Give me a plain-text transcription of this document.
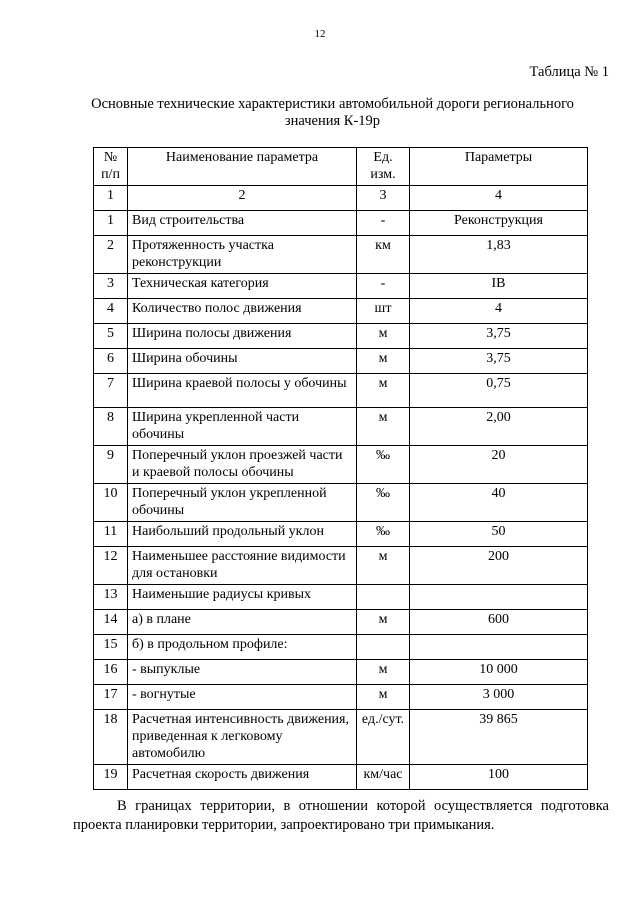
12
Таблица № 1
Основные технические характеристики автомобильной дороги регионального значения К-19р
№ п/п	Наименование параметра	Ед. изм.	Параметры
1	2	3	4
1	Вид строительства	-	Реконструкция
2	Протяженность участка реконструкции	км	1,83
3	Техническая категория	-	IВ
4	Количество полос движения	шт	4
5	Ширина полосы движения	м	3,75
6	Ширина обочины	м	3,75
7	Ширина краевой полосы у обочины	м	0,75
8	Ширина укрепленной части обочины	м	2,00
9	Поперечный уклон проезжей части и краевой полосы обочины	‰	20
10	Поперечный уклон укрепленной обочины	‰	40
11	Наибольший продольный уклон	‰	50
12	Наименьшее расстояние видимости для остановки	м	200
13	Наименьшие радиусы кривых		
14	а) в плане	м	600
15	б) в продольном профиле:		
16	- выпуклые	м	10 000
17	- вогнутые	м	3 000
18	Расчетная интенсивность движения, приведенная к легковому автомобилю	ед./сут.	39 865
19	Расчетная скорость движения	км/час	100
В границах территории, в отношении которой осуществляется подготовка проекта планировки территории, запроектировано три примыкания.
